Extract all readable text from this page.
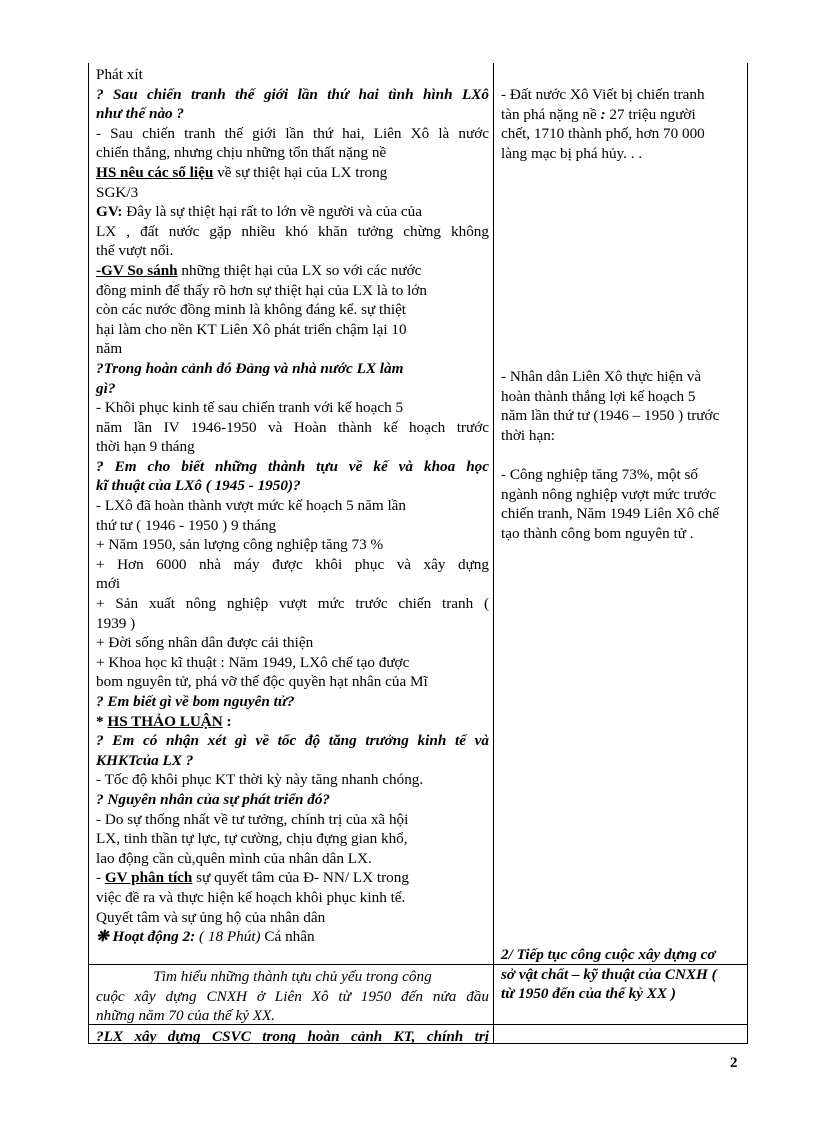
Phát xít
? Sau chiến tranh thế giới lần thứ hai tình hình LXô
như thế nào ?
- Sau chiến tranh thế giới lần thứ hai, Liên Xô là nước
chiến thắng, nhưng chịu những tổn thất nặng nề
HS nêu các số liệu về sự thiệt hại của LX trong
SGK/3
GV: Đây là sự thiệt hại rất to lớn về người và của của
LX , đất nước gặp nhiều khó khăn tưởng chừng không
thể vượt nổi.
-GV So sánh những thiệt hại của LX so với các nước
đồng minh để thấy rõ hơn sự thiệt hại của LX là to lớn
còn các nước đồng minh là không đáng kể. sự thiệt
hại làm cho nền KT Liên Xô phát triển chậm lại 10
năm
?Trong hoàn cảnh đó Đảng và nhà nước LX làm
gì?
- Khôi phục kinh tế sau chiến tranh với kế hoạch 5
năm lần IV 1946-1950 và Hoàn thành kế hoạch trước
thời hạn 9 tháng
? Em cho biết những thành tựu về kế và khoa học
kĩ thuật của LXô ( 1945 - 1950)?
- LXô đã hoàn thành vượt mức kế hoạch 5 năm lần
thứ tư ( 1946 - 1950 ) 9 tháng
+ Năm 1950, sản lượng công nghiệp tăng 73 %
+ Hơn 6000 nhà máy được khôi phục và xây dựng
mới
+ Sản xuất nông nghiệp vượt mức trước chiến tranh (
1939 )
+ Đời sống nhân dân được cải thiện
+ Khoa học kĩ thuật : Năm 1949, LXô chế tạo được
bom nguyên tử, phá vỡ thế độc quyền hạt nhân của Mĩ
? Em biết gì về bom nguyên tử?
* HS THẢO LUẬN :
? Em có nhận xét gì về tốc độ tăng trưởng kinh tế và
KHKTcủa LX ?
- Tốc độ khôi phục KT thời kỳ này tăng nhanh chóng.
? Nguyên nhân của sự phát triển đó?
- Do sự thống nhất về tư tưởng, chính trị của xã hội
LX, tinh thần tự lực, tự cường, chịu đựng gian khổ,
lao động cần cù,quên mình của nhân dân LX.
- GV phân tích sự quyết tâm của Đ- NN/ LX trong
việc đề ra và thực hiện kế hoạch khôi phục kinh tế.
Quyết tâm và sự ủng hộ của nhân dân
❋ Hoạt động 2: ( 18 Phút) Cá nhân
Tìm hiểu những thành tựu chủ yếu trong công
cuộc xây dựng CNXH ở Liên Xô từ 1950 đến nửa đầu
những năm 70 của thế kỷ XX.
?LX xây dựng CSVC trong hoàn cảnh KT, chính trị
- Đất nước Xô Viết bị chiến tranh
tàn phá nặng nề : 27 triệu người
chết, 1710 thành phố, hơn 70 000
làng mạc bị phá hủy. . .
- Nhân dân Liên Xô thực hiện và
hoàn thành thắng lợi kế hoạch 5
năm lần thứ tư (1946 – 1950 ) trước
thời hạn:
- Công nghiệp tăng 73%, một số
ngành nông nghiệp vượt mức trước
chiến tranh, Năm 1949 Liên Xô chế
tạo thành công bom nguyên tử .
2/ Tiếp tục công cuộc xây dựng cơ
sở vật chất – kỹ thuật của CNXH (
từ 1950 đến của thế kỷ XX )
2
